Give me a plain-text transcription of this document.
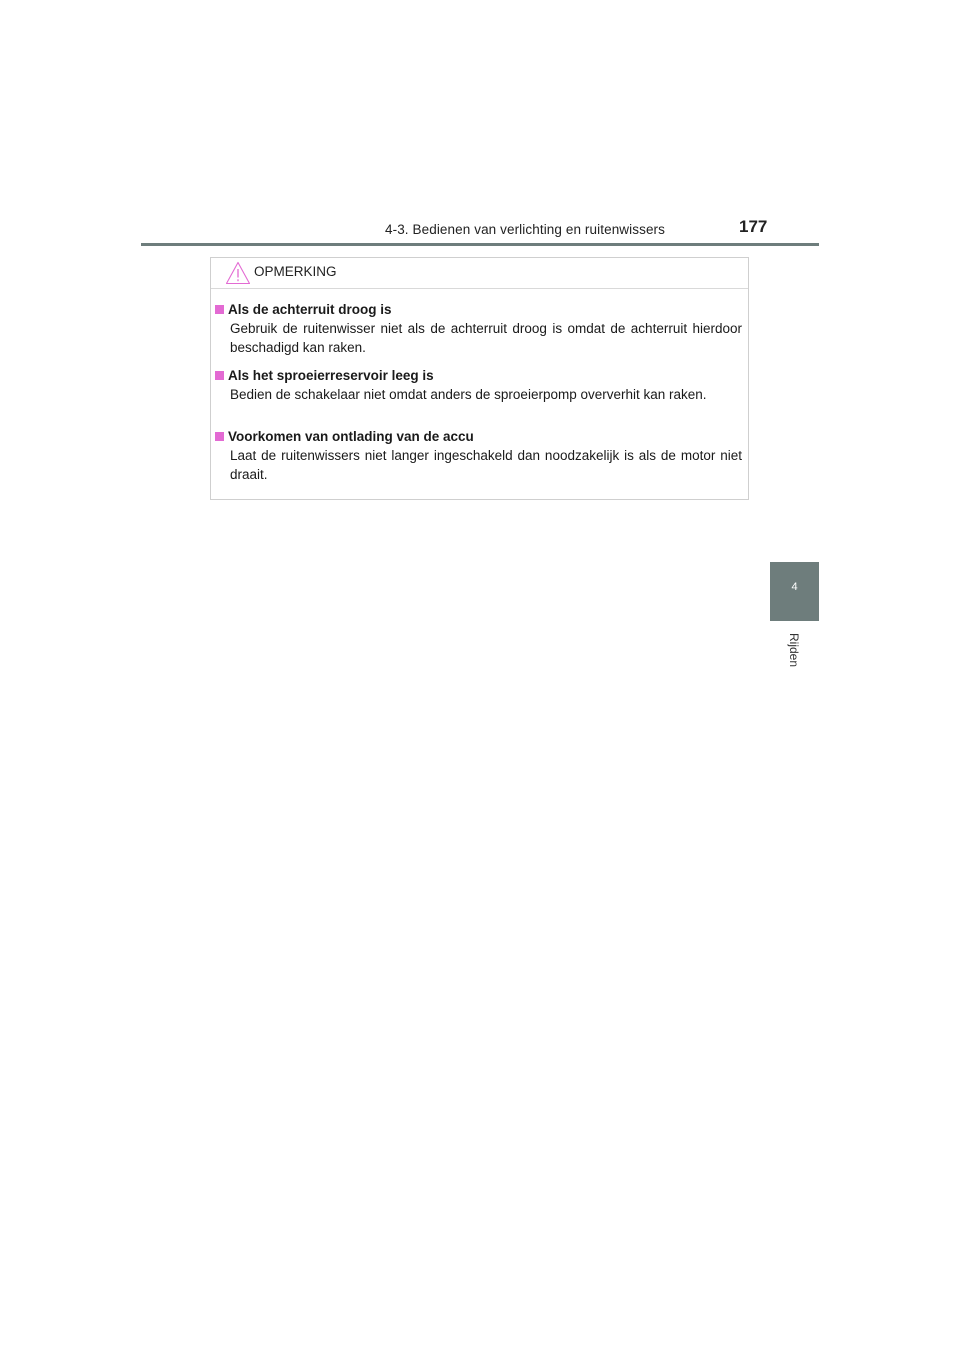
4-3. Bedienen van verlichting en ruitenwissers	177
4
Rijden
OPMERKING
Als de achterruit droog is
Gebruik de ruitenwisser niet als de achterruit droog is omdat de achterruit hierdoor beschadigd kan raken.
Als het sproeierreservoir leeg is
Bedien de schakelaar niet omdat anders de sproeierpomp oververhit kan raken.
Voorkomen van ontlading van de accu
Laat de ruitenwissers niet langer ingeschakeld dan noodzakelijk is als de motor niet draait.
